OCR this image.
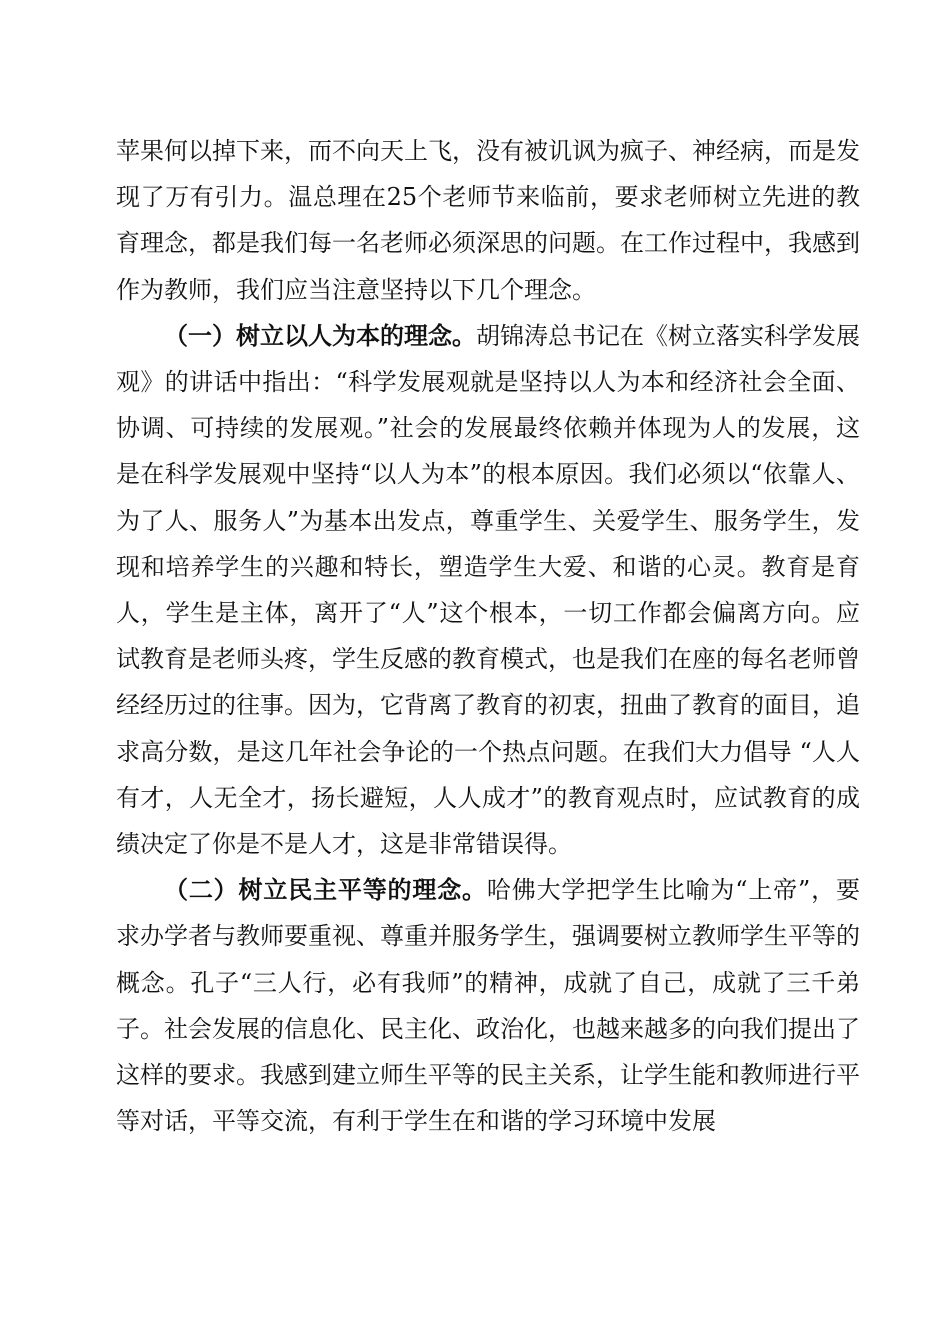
苹果何以掉下来，而不向天上飞，没有被讥讽为疯子、神经病，而是发现了万有引力。温总理在25个老师节来临前，要求老师树立先进的教育理念，都是我们每一名老师必须深思的问题。在工作过程中，我感到作为教师，我们应当注意坚持以下几个理念。

（一）树立以人为本的理念。胡锦涛总书记在《树立落实科学发展观》的讲话中指出：“科学发展观就是坚持以人为本和经济社会全面、协调、可持续的发展观。”社会的发展最终依赖并体现为人的发展，这是在科学发展观中坚持“以人为本”的根本原因。我们必须以“依靠人、为了人、服务人”为基本出发点，尊重学生、关爱学生、服务学生，发现和培养学生的兴趣和特长，塑造学生大爱、和谐的心灵。教育是育人，学生是主体，离开了“人”这个根本，一切工作都会偏离方向。应试教育是老师头疼，学生反感的教育模式，也是我们在座的每名老师曾经经历过的往事。因为，它背离了教育的初衷，扭曲了教育的面目，追求高分数，是这几年社会争论的一个热点问题。在我们大力倡导 “人人有才，人无全才，扬长避短，人人成才”的教育观点时，应试教育的成绩决定了你是不是人才，这是非常错误得。

（二）树立民主平等的理念。哈佛大学把学生比喻为“上帝”，要求办学者与教师要重视、尊重并服务学生，强调要树立教师学生平等的概念。孔子“三人行，必有我师”的精神，成就了自己，成就了三千弟子。社会发展的信息化、民主化、政治化，也越来越多的向我们提出了这样的要求。我感到建立师生平等的民主关系，让学生能和教师进行平等对话，平等交流，有利于学生在和谐的学习环境中发展
